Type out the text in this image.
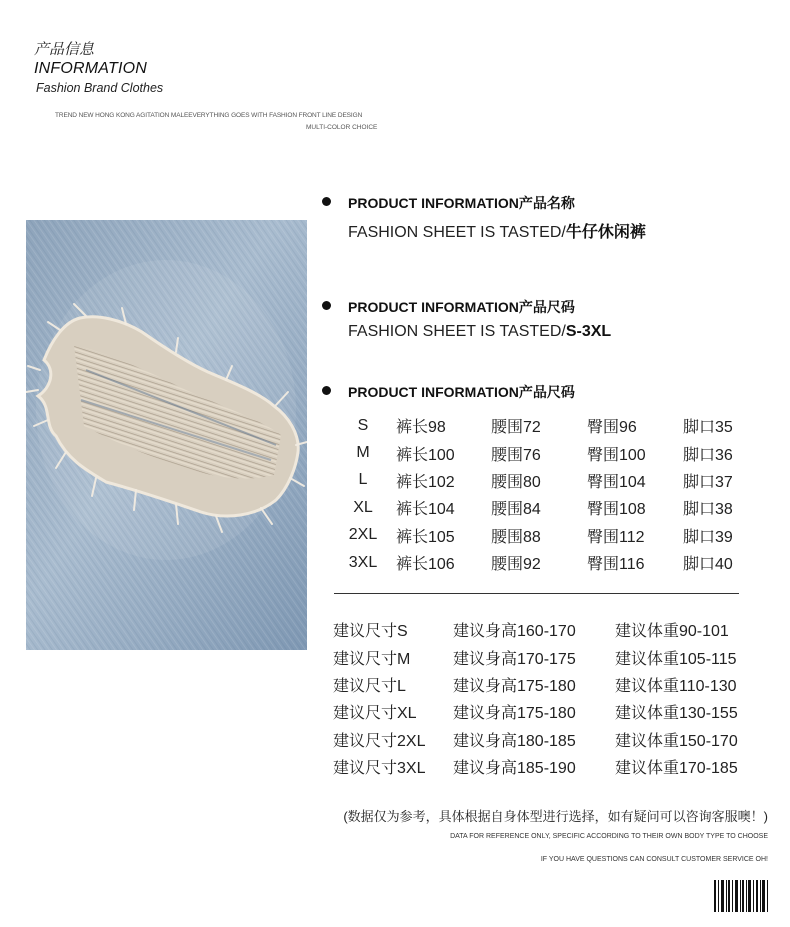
产品信息
INFORMATION
Fashion Brand Clothes
TREND NEW HONG KONG AGITATION MALEEVERYTHING GOES WITH FASHION FRONT LINE DESIGN
MULTI-COLOR CHOICE
PRODUCT INFORMATION产品名称
FASHION SHEET IS TASTED/牛仔休闲裤
PRODUCT INFORMATION产品尺码
FASHION SHEET IS TASTED/S-3XL
PRODUCT INFORMATION产品尺码
S	裤长98	腰围72	臀围96	脚口35
M	裤长100	腰围76	臀围100	脚口36
L	裤长102	腰围80	臀围104	脚口37
XL	裤长104	腰围84	臀围108	脚口38
2XL	裤长105	腰围88	臀围112	脚口39
3XL	裤长106	腰围92	臀围116	脚口40
建议尺寸S	建议身高160-170	建议体重90-101
建议尺寸M	建议身高170-175	建议体重105-115
建议尺寸L	建议身高175-180	建议体重110-130
建议尺寸XL	建议身高175-180	建议体重130-155
建议尺寸2XL	建议身高180-185	建议体重150-170
建议尺寸3XL	建议身高185-190	建议体重170-185
(数据仅为参考，具体根据自身体型进行选择，如有疑问可以咨询客服噢！)
DATA FOR REFERENCE ONLY, SPECIFIC ACCORDING TO THEIR OWN BODY TYPE TO CHOOSE
IF YOU HAVE QUESTIONS CAN CONSULT CUSTOMER SERVICE OH!
